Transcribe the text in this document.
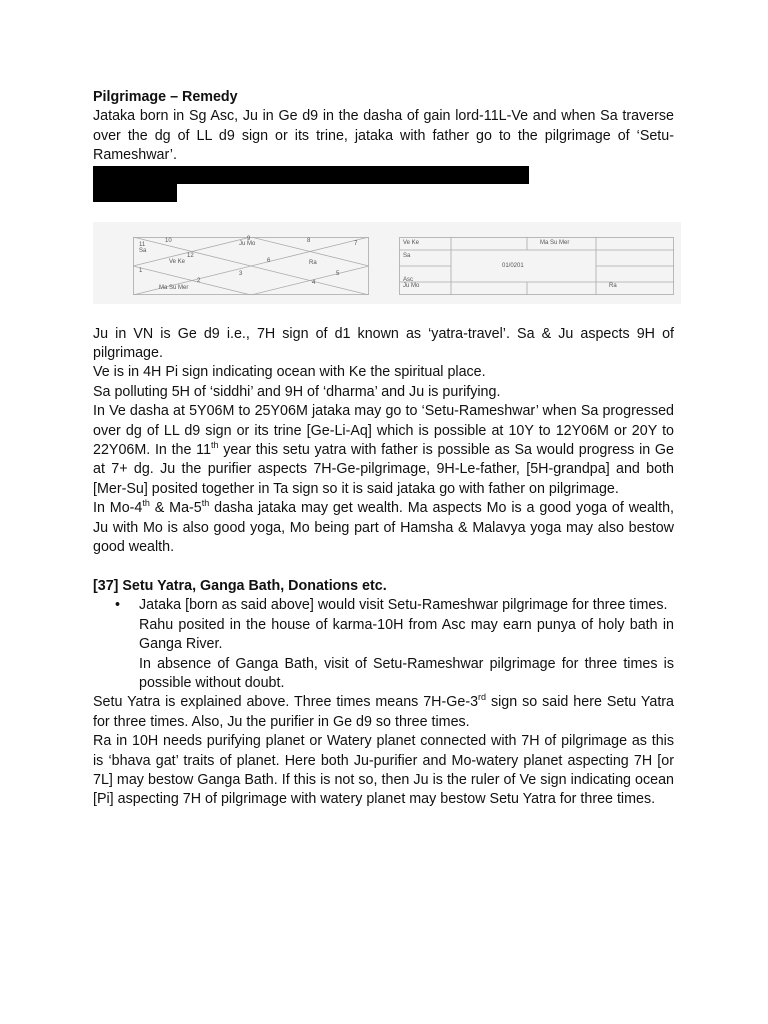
10
11
Sa
Ju Mo
9	8	7
12
Ve Ke	6	Ra
1	3	5
2	4
Ma Su Mer
Ve Ke	Ma Su Mer
Sa
01/0201
Asc
Ju Mo	Ra

Pilgrimage – Remedy

Jataka born in Sg Asc, Ju in Ge d9 in the dasha of gain lord-11L-Ve and when Sa traverse over the dg of LL d9 sign or its trine, jataka with father go to the pilgrimage of ‘Setu-Rameshwar’.

Ju in VN is Ge d9 i.e., 7H sign of d1 known as ‘yatra-travel’. Sa & Ju aspects 9H of pilgrimage.

Ve is in 4H Pi sign indicating ocean with Ke the spiritual place.

Sa polluting 5H of ‘siddhi’ and 9H of ‘dharma’ and Ju is purifying.

In Ve dasha at 5Y06M to 25Y06M jataka may go to ‘Setu-Rameshwar’ when Sa progressed over dg of LL d9 sign or its trine [Ge-Li-Aq] which is possible at 10Y to 12Y06M or 20Y to 22Y06M. In the 11th year this setu yatra with father is possible as Sa would progress in Ge at 7+ dg. Ju the purifier aspects 7H-Ge-pilgrimage, 9H-Le-father, [5H-grandpa] and both [Mer-Su] posited together in Ta sign so it is said jataka go with father on pilgrimage.

In Mo-4th & Ma-5th dasha jataka may get wealth. Ma aspects Mo is a good yoga of wealth, Ju with Mo is also good yoga, Mo being part of Hamsha & Malavya yoga may also bestow good wealth.

[37] Setu Yatra, Ganga Bath, Donations etc.

• Jataka [born as said above] would visit Setu-Rameshwar pilgrimage for three times.

Rahu posited in the house of karma-10H from Asc may earn punya of holy bath in Ganga River.

In absence of Ganga Bath, visit of Setu-Rameshwar pilgrimage for three times is possible without doubt.

Setu Yatra is explained above. Three times means 7H-Ge-3rd sign so said here Setu Yatra for three times. Also, Ju the purifier in Ge d9 so three times.

Ra in 10H needs purifying planet or Watery planet connected with 7H of pilgrimage as this is ‘bhava gat’ traits of planet. Here both Ju-purifier and Mo-watery planet aspecting 7H [or 7L] may bestow Ganga Bath. If this is not so, then Ju is the ruler of Ve sign indicating ocean [Pi] aspecting 7H of pilgrimage with watery planet may bestow Setu Yatra for three times.
